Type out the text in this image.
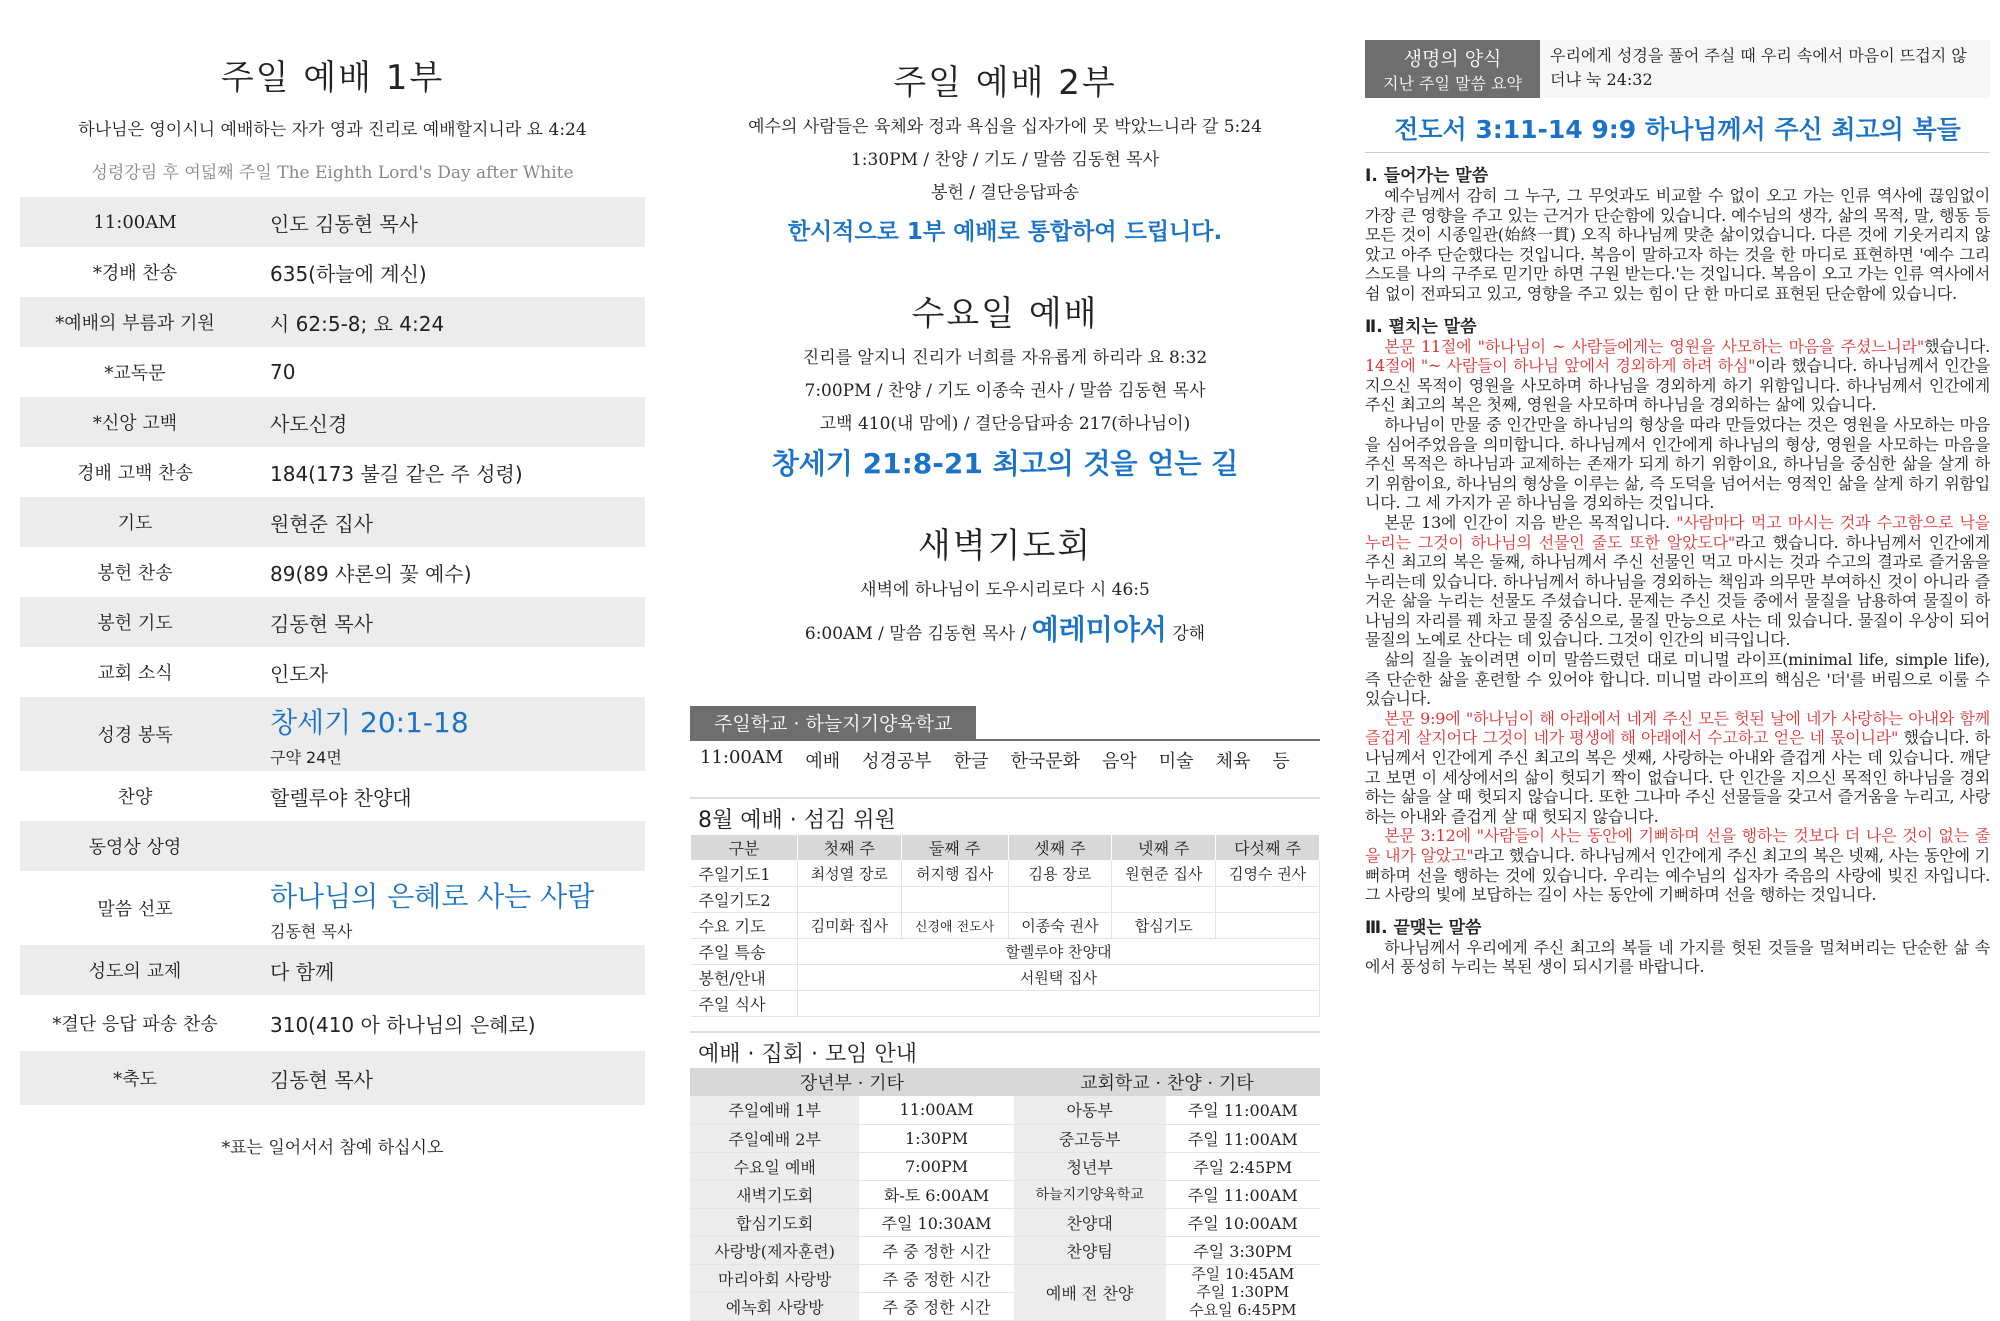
주일 예배 1부
하나님은 영이시니 예배하는 자가 영과 진리로 예배할지니라 요 4:24
성령강림 후 여덟째 주일 The Eighth Lord's Day after White
11:00AM	인도 김동현 목사
*경배 찬송	635(하늘에 계신)
*예배의 부름과 기원	시 62:5-8; 요 4:24
*교독문	70
*신앙 고백	사도신경
경배 고백 찬송	184(173 불길 같은 주 성령)
기도	원현준 집사
봉헌 찬송	89(89 샤론의 꽃 예수)
봉헌 기도	김동현 목사
교회 소식	인도자
성경 봉독	창세기 20:1-18
구약 24면
찬양	할렐루야 찬양대
동영상 상영
말씀 선포	하나님의 은혜로 사는 사람
김동현 목사
성도의 교제	다 함께
*결단 응답 파송 찬송	310(410 아 하나님의 은혜로)
*축도	김동현 목사
*표는 일어서서 참예 하십시오
주일 예배 2부
예수의 사람들은 육체와 정과 욕심을 십자가에 못 박았느니라 갈 5:24
1:30PM / 찬양 / 기도 / 말씀 김동현 목사
봉헌 / 결단응답파송
한시적으로 1부 예배로 통합하여 드립니다.
수요일 예배
진리를 알지니 진리가 너희를 자유롭게 하리라 요 8:32
7:00PM / 찬양 / 기도 이종숙 권사 / 말씀 김동현 목사
고백 410(내 맘에) / 결단응답파송 217(하나님이)
창세기 21:8-21 최고의 것을 얻는 길
새벽기도회
새벽에 하나님이 도우시리로다 시 46:5
6:00AM / 말씀 김동현 목사 / 예레미야서 강해
주일학교 · 하늘지기양육학교
11:00AM 예배 성경공부 한글 한국문화 음악 미술 체육 등
8월 예배 · 섬김 위원
구분	첫째 주	둘째 주	셋째 주	넷째 주	다섯째 주
주일기도1	최성열 장로	허지행 집사	김용 장로	원현준 집사	김영수 권사
주일기도2					
수요 기도	김미화 집사	신경애 전도사	이종숙 권사	합심기도	
주일 특송	할렐루야 찬양대				
봉헌/안내	서원택 집사				
주일 식사					
예배 · 집회 · 모임 안내
장년부 · 기타		교회학교 · 찬양 · 기타	
주일예배 1부	11:00AM	아동부	주일 11:00AM
주일예배 2부	1:30PM	중고등부	주일 11:00AM
수요일 예배	7:00PM	청년부	주일 2:45PM
새벽기도회	화-토 6:00AM	하늘지기양육학교	주일 11:00AM
합심기도회	주일 10:30AM	찬양대	주일 10:00AM
사랑방(제자훈련)	주 중 정한 시간	찬양팀	주일 3:30PM
마리아회 사랑방	주 중 정한 시간	예배 전 찬양	주일 10:45AM
주일 1:30PM
수요일 6:45PM

에녹회 사랑방	주 중 정한 시간		
생명의 양식
지난 주일 말씀 요약
우리에게 성경을 풀어 주실 때 우리 속에서 마음이 뜨겁지 않더냐 눅 24:32
전도서 3:11-14 9:9 하나님께서 주신 최고의 복들
Ⅰ. 들어가는 말씀

예수님께서 감히 그 누구, 그 무엇과도 비교할 수 없이 오고 가는 인류 역사에 끊임없이 가장 큰 영향을 주고 있는 근거가 단순함에 있습니다. 예수님의 생각, 삶의 목적, 말, 행동 등 모든 것이 시종일관(始終一貫) 오직 하나님께 맞춘 삶이었습니다. 다른 것에 기웃거리지 않았고 아주 단순했다는 것입니다. 복음이 말하고자 하는 것을 한 마디로 표현하면 '예수 그리스도를 나의 구주로 믿기만 하면 구원 받는다.'는 것입니다. 복음이 오고 가는 인류 역사에서 쉼 없이 전파되고 있고, 영향을 주고 있는 힘이 단 한 마디로 표현된 단순함에 있습니다.

Ⅱ. 펼치는 말씀

본문 11절에 "하나님이 ~ 사람들에게는 영원을 사모하는 마음을 주셨느니라"했습니다. 14절에 "~ 사람들이 하나님 앞에서 경외하게 하려 하심"이라 했습니다. 하나님께서 인간을 지으신 목적이 영원을 사모하며 하나님을 경외하게 하기 위함입니다. 하나님께서 인간에게 주신 최고의 복은 첫째, 영원을 사모하며 하나님을 경외하는 삶에 있습니다.

하나님이 만물 중 인간만을 하나님의 형상을 따라 만들었다는 것은 영원을 사모하는 마음을 심어주었음을 의미합니다. 하나님께서 인간에게 하나님의 형상, 영원을 사모하는 마음을 주신 목적은 하나님과 교제하는 존재가 되게 하기 위함이요, 하나님을 중심한 삶을 살게 하기 위함이요, 하나님의 형상을 이루는 삶, 즉 도덕을 넘어서는 영적인 삶을 살게 하기 위함입니다. 그 세 가지가 곧 하나님을 경외하는 것입니다.

본문 13에 인간이 지음 받은 목적입니다. "사람마다 먹고 마시는 것과 수고함으로 낙을 누리는 그것이 하나님의 선물인 줄도 또한 알았도다"라고 했습니다. 하나님께서 인간에게 주신 최고의 복은 둘째, 하나님께서 주신 선물인 먹고 마시는 것과 수고의 결과로 즐거움을 누리는데 있습니다. 하나님께서 하나님을 경외하는 책임과 의무만 부여하신 것이 아니라 즐거운 삶을 누리는 선물도 주셨습니다. 문제는 주신 것들 중에서 물질을 남용하여 물질이 하나님의 자리를 꿰 차고 물질 중심으로, 물질 만능으로 사는 데 있습니다. 물질이 우상이 되어 물질의 노예로 산다는 데 있습니다. 그것이 인간의 비극입니다.

삶의 질을 높이려면 이미 말씀드렸던 대로 미니멀 라이프(minimal life, simple life), 즉 단순한 삶을 훈련할 수 있어야 합니다. 미니멀 라이프의 핵심은 '더'를 버림으로 이룰 수 있습니다.

본문 9:9에 "하나님이 해 아래에서 네게 주신 모든 헛된 날에 네가 사랑하는 아내와 함께 즐겁게 살지어다 그것이 네가 평생에 해 아래에서 수고하고 얻은 네 몫이니라" 했습니다. 하나님께서 인간에게 주신 최고의 복은 셋째, 사랑하는 아내와 즐겁게 사는 데 있습니다. 깨닫고 보면 이 세상에서의 삶이 헛되기 짝이 없습니다. 단 인간을 지으신 목적인 하나님을 경외하는 삶을 살 때 헛되지 않습니다. 또한 그나마 주신 선물들을 갖고서 즐거움을 누리고, 사랑하는 아내와 즐겁게 살 때 헛되지 않습니다.

본문 3:12에 "사람들이 사는 동안에 기뻐하며 선을 행하는 것보다 더 나은 것이 없는 줄을 내가 알았고"라고 했습니다. 하나님께서 인간에게 주신 최고의 복은 넷째, 사는 동안에 기뻐하며 선을 행하는 것에 있습니다. 우리는 예수님의 십자가 죽음의 사랑에 빚진 자입니다. 그 사랑의 빛에 보답하는 길이 사는 동안에 기뻐하며 선을 행하는 것입니다.

Ⅲ. 끝맺는 말씀

하나님께서 우리에게 주신 최고의 복들 네 가지를 헛된 것들을 멀쳐버리는 단순한 삶 속에서 풍성히 누리는 복된 생이 되시기를 바랍니다.
